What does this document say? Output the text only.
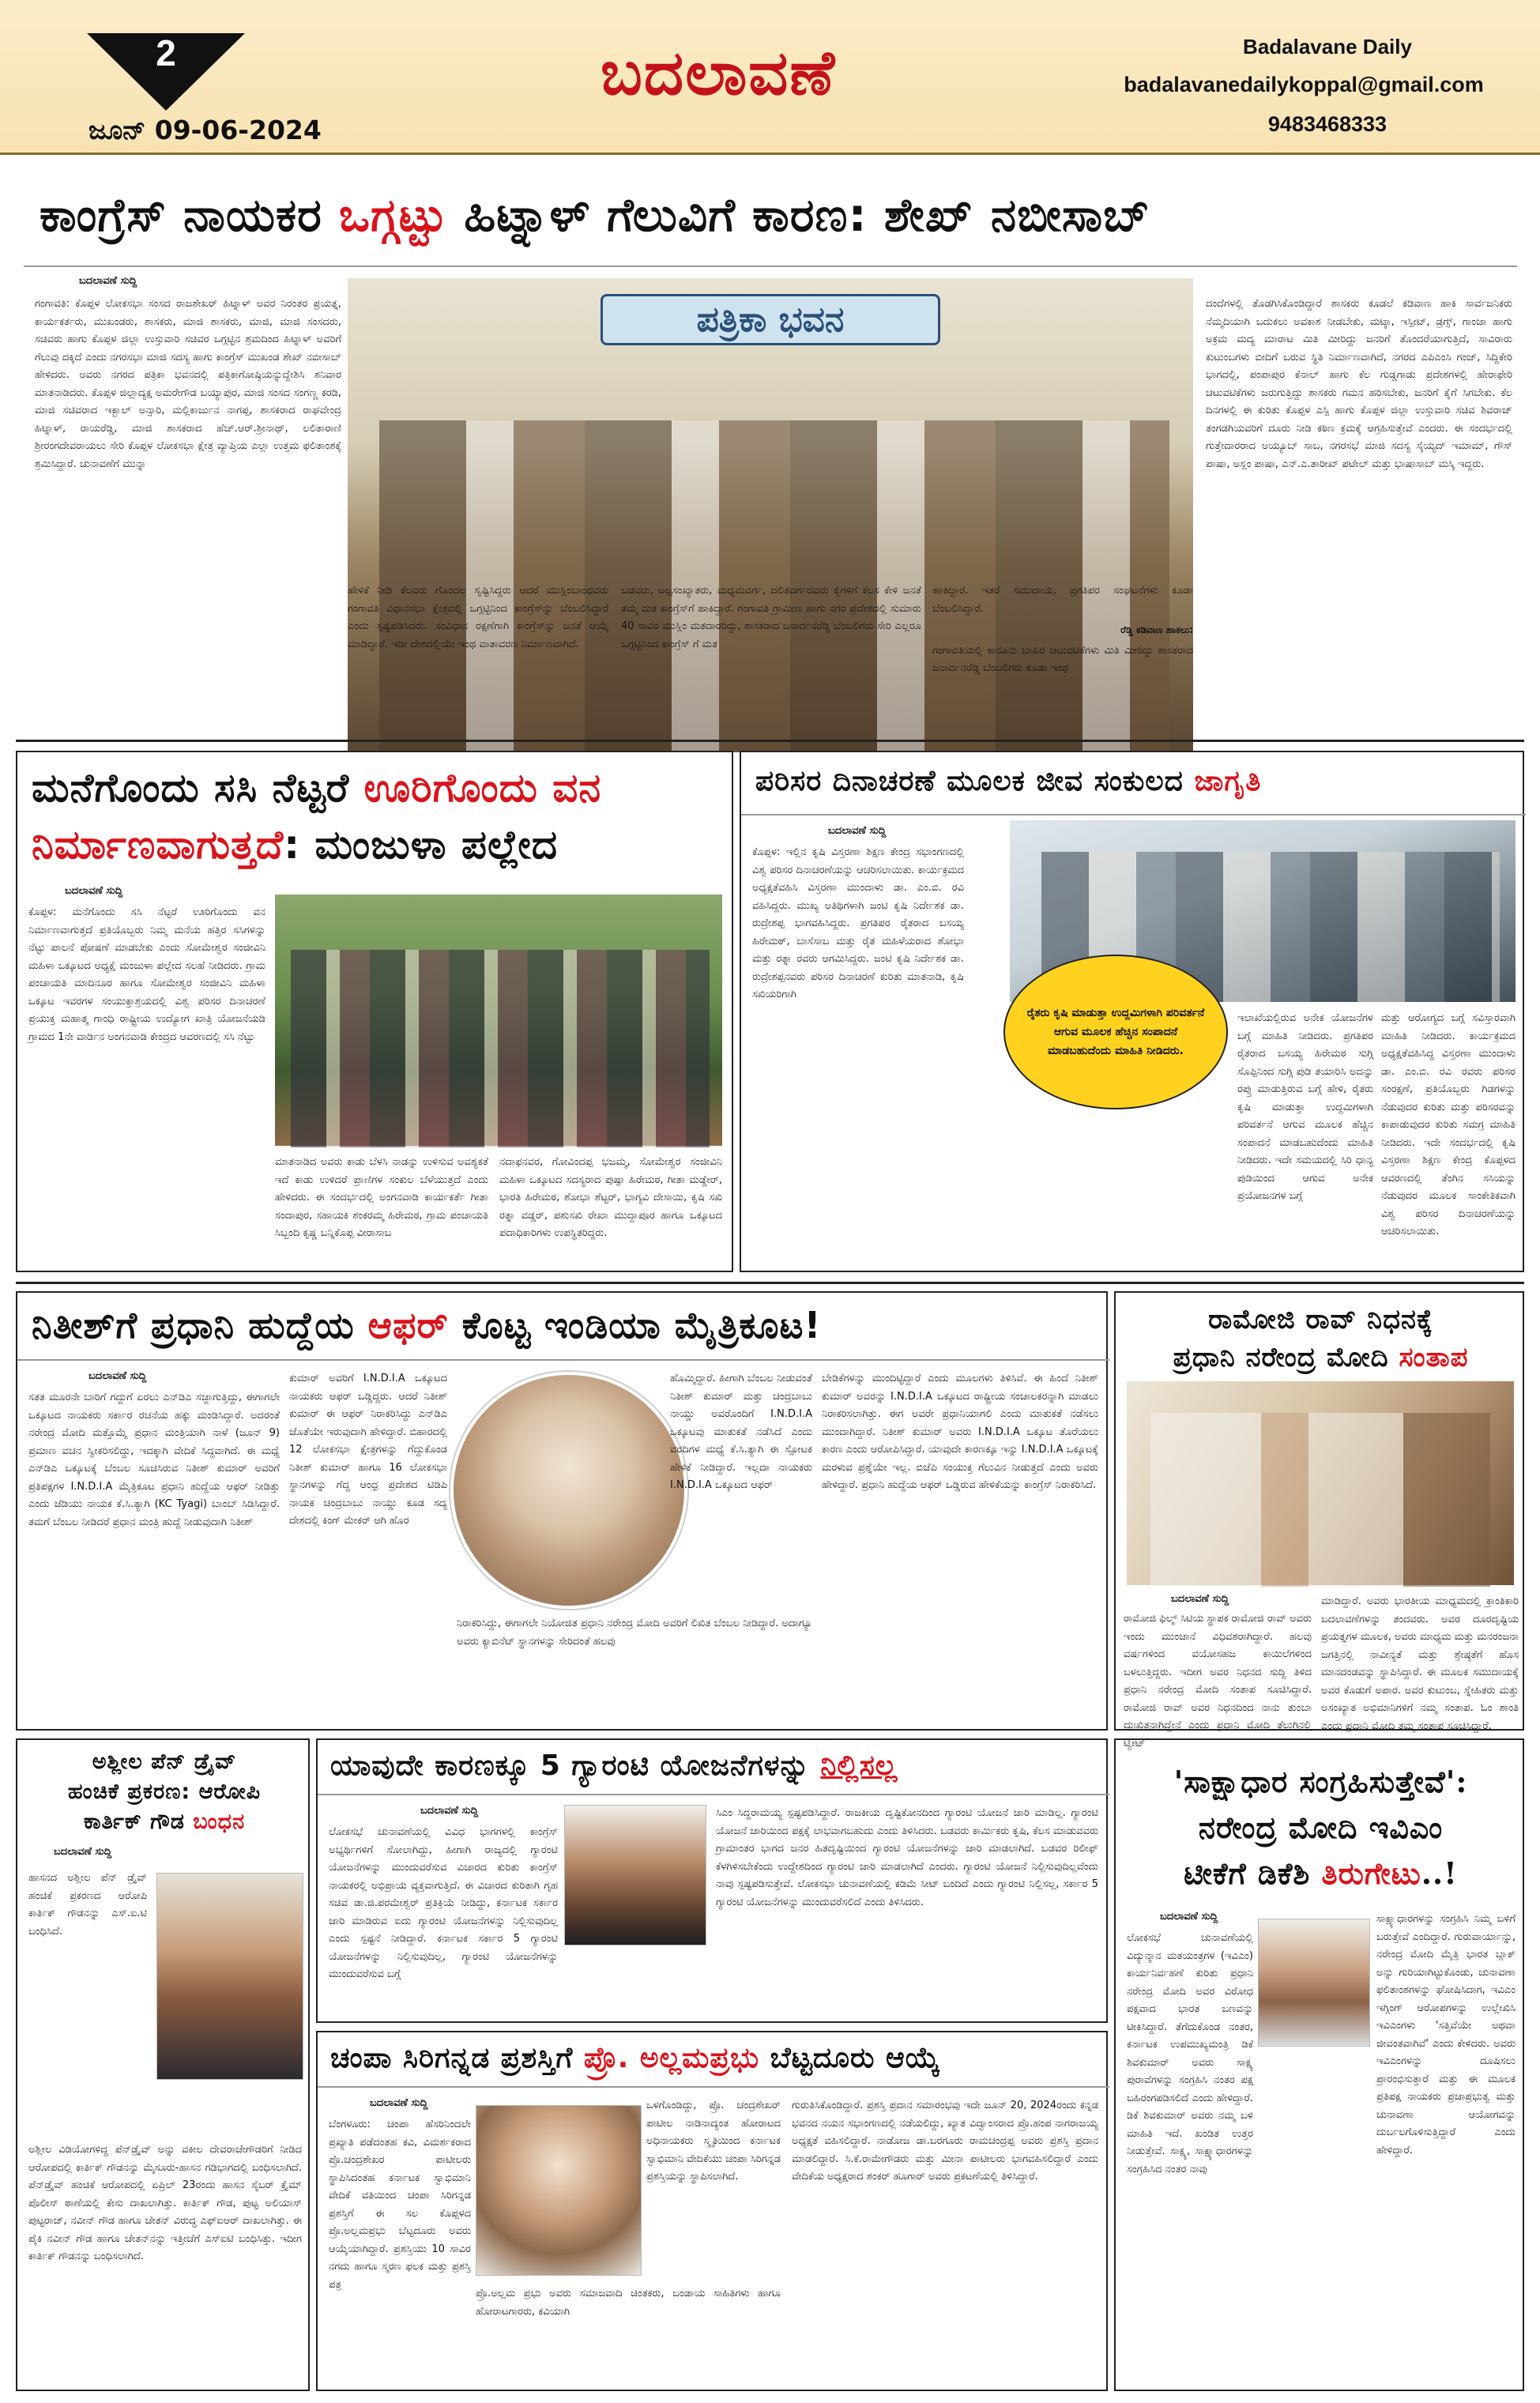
2
ಜೂನ್ 09-06-2024
ಬದಲಾವಣೆ	Badalavane Daily
badalavanedailykoppal@gmail.com
9483468333
ಕಾಂಗ್ರೆಸ್ ನಾಯಕರ ಒಗ್ಗಟ್ಟು ಹಿಟ್ನಾಳ್ ಗೆಲುವಿಗೆ ಕಾರಣ: ಶೇಖ್ ನಬೀಸಾಬ್
ಬದಲಾವಣೆ ಸುದ್ದಿ
ಗಂಗಾವತಿ: ಕೊಪ್ಪಳ ಲೋಕಸಭಾ ಸಂಸದ ರಾಜಶೇಖರ್ ಹಿಟ್ನಾಳ್ ಅವರ ನಿರಂತರ ಪ್ರಯತ್ನ, ಕಾರ್ಯಕರ್ತರು, ಮುಖಂಡರು, ಶಾಸಕರು, ಮಾಜಿ ಶಾಸಕರು, ಮಾಜಿ, ಮಾಜಿ ಸಂಸದರು, ಸಚಿವರು ಹಾಗು ಕೊಪ್ಪಳ ಜಿಲ್ಲಾ ಉಸ್ತುವಾರಿ ಸಚಿವರ ಒಗ್ಗಟ್ಟಿನ ಶ್ರಮದಿಂದ ಹಿಟ್ನಾಳ್ ಅವರಿಗೆ ಗೆಲುವು ದಕ್ಕಿದೆ ಎಂದು ನಗರಸಭಾ ಮಾಜಿ ಸದಸ್ಯ ಹಾಗು ಕಾಂಗ್ರೆಸ್ ಮುಖಂಡ ಶೇಖ್ ನಬೀಸಾಬ್ ಹೇಳಿದರು. ಅವರು ನಗರದ ಪತ್ರಿಕಾ ಭವನದಲ್ಲಿ ಪತ್ರಿಕಾಗೋಷ್ಠಿಯನ್ನುದ್ದೇಶಿಸಿ ಶನಿವಾರ ಮಾತನಾಡಿದರು. ಕೊಪ್ಪಳ ಜಿಲ್ಲಾದ್ಯಕ್ಷ ಅಮರೇಗೌಡ ಬಯ್ಯಾಪುರ, ಮಾಜಿ ಸಂಸದ ಸಂಗಣ್ಣ ಕರಡಿ, ಮಾಜಿ ಸಚಿವರಾದ ಇಕ್ಬಾಲ್ ಅನ್ಸಾರಿ, ಮಲ್ಲಿಕಾರ್ಜುನ ನಾಗಪ್ಪ, ಶಾಸಕರಾದ ರಾಘವೇಂದ್ರ ಹಿಟ್ನಾಳ್, ರಾಯರೆಡ್ಡಿ, ಮಾಜಿ ಶಾಸಕರಾದ ಹೆಚ್.ಆರ್.ಶ್ರೀನಾಥ್, ಲಲಿತಾರಾಣಿ ಶ್ರೀರಂಗದೇವರಾಯಲು ಸೇರಿ ಕೊಪ್ಪಳ ಲೋಕಸಭಾ ಕ್ಷೇತ್ರ ವ್ಯಾಪ್ತಿಯ ಎಲ್ಲಾ ಉತ್ತಮ ಫಲಿತಾಂಶಕ್ಕೆ ಶ್ರಮಿಸಿದ್ದಾರೆ. ಚುನಾವಣೆಗೆ ಮುನ್ನಾ
ಪತ್ರಿಕಾ ಭವನ	ದಂದೆಗಳಲ್ಲಿ ತೊಡಗಿಸಿಕೊಂಡಿದ್ದಾರೆ ಶಾಸಕರು ಕೂಡಲೆ ಕಡಿವಾಣ ಹಾಕಿ ಸಾರ್ವಜನಿಕರು ನೆಮ್ಮದಿಯಾಗಿ ಬದುಕಲು ಅವಕಾಶ ನೀಡಬೇಕು, ಮಟ್ಕಾ, ಇಸ್ಪೀಟ್, ಡ್ರಗ್ಸ್, ಗಾಂಜಾ ಹಾಗು ಅಕ್ರಮ ಮದ್ಯ ಮಾರಾಟ ಮಿತಿ ಮೀರಿದ್ದು ಜನರಿಗೆ ತೊಂದರೆಯಾಗುತ್ತಿದೆ, ಸಾವಿರಾರು ಕುಟುಂಬಗಳು ಬೀದಿಗೆ ಬರುವ ಸ್ಥಿತಿ ನಿರ್ಮಾಣವಾಗಿದೆ, ನಗರದ ಎಪಿಎಂಸಿ ಗಂಜ್, ಸಿದ್ದಿಕೇರಿ ಭಾಗದಲ್ಲಿ, ಪಂಪಾಪುರ ಕೆನಾಲ್ ಹಾಗು ಕೆಲ ಗುಡ್ಡಗಾಡು ಪ್ರದೇಶಗಳಲ್ಲಿ ಹೇರಾಫೇರಿ ಚಟುವಟಿಕೆಗಳು ಜರುಗುತ್ತಿದ್ದು ಶಾಸಕರು ಗಮನ ಹರಿಸಬೇಕು, ಜನರಿಗೆ ಕೈಗೆ ಸಿಗಬೇಕು. ಕೆಲ ದಿನಗಳಲ್ಲಿ ಈ ಕುರಿತು ಕೊಪ್ಪಳ ಎಸ್ಪಿ ಹಾಗು ಕೊಪ್ಪಳ ಜಿಲ್ಲಾ ಉಸ್ತುವಾರಿ ಸಚಿವ ಶಿವರಾಜ್ ತಂಗಡಗಿಯವರಿಗೆ ದೂರು ನೀಡಿ ಕಠಿಣ ಕ್ರಮಕ್ಕೆ ಆಗ್ರಹಿಸುತ್ತೇವೆ ಎಂದರು. ಈ ಸಂದರ್ಭದಲ್ಲಿ ಗುತ್ತೇದಾರರಾದ ಅಯ್ಯೂಬ್ ಸಾಬ, ನಗರಸಭೆ ಮಾಜಿ ಸದಸ್ಯ ಸೈಯ್ಯದ್ ಇಮಾಮ್, ಗೌಸ್ ಪಾಷಾ, ಅಸ್ಲಂ ಪಾಷಾ, ಎನ್.ಎ.ತಾರೀಖ್ ಪಟೇಲ್ ಮತ್ತು ಭಾಷಾಸಾಬ್ ಮಸ್ಕಿ ಇದ್ದರು.
ಹೇಳಿಕೆ ನೀಡಿ ಕೆಲವರು ಗೊಂದಲ ಸೃಷ್ಟಿಸಿದ್ದರು ಆದರೆ ಮುಸ್ಲಿಂಬಾಂಧವರು ಗಂಗಾವತಿ ವಿಧಾನಸಭಾ ಕ್ಷೇತ್ರದಲ್ಲಿ ಒಗ್ಗಟ್ಟಿನಿಂದ ಕಾಂಗ್ರೆಸ್‌ನ್ನು ಬೆಂಬಲಿಸಿದ್ದಾರೆ ಎಂದು ಸ್ಪಷ್ಟಪಡಿಸಿದರು. ಸಂವಿಧಾನ ರಕ್ಷಣೆಗಾಗಿ ಕಾಂಗ್ರೆಸ್‌ನ್ನು ಜನತೆ ಆಯ್ಕೆ ಮಾಡಿದ್ದಾರೆ. ಇಡೀ ದೇಶದಲ್ಲಿಯೇ ಇಂಥ ವಾತಾವರಣ ನಿರ್ಮಾಣವಾಗಿದೆ.
ಬಡವರು, ಅಲ್ಪಸಂಖ್ಯಾತರು, ಮಧ್ಯಮವರ್ಗ, ದಲಿತವರ್ಗದವರು ಕೈಗಳಿಗೆ ಕೆಲಸ ಕೇಳಿ ಜನತೆ ತಮ್ಮ ಮತ ಕಾಂಗ್ರೆಸ್‌ಗೆ ಹಾಕಿದ್ದಾರೆ. ಗಂಗಾವತಿ ಗ್ರಾಮೀಣ ಹಾಗು ನಗರ ಪ್ರದೇಶದಲ್ಲಿ ಸುಮಾರು 40 ಸಾವಿರ ಮುಸ್ಲಿಂ ಮತದಾರರಿದ್ದು, ಶಾಸಕರಾದ ಜನಾರ್ದನರೆಡ್ಡಿ ಬೆಂಬಲಿಗರು ಸೇರಿ ಎಲ್ಲರೂ ಒಗ್ಗಟ್ಟಿನಿಂದ ಕಾಂಗ್ರೆಸ್ ಗೆ ಮತ
ಹಾಕಿದ್ದಾರೆ. ಇತರೆ ಸಮುದಾಯ, ಪ್ರಗತಿಪರ ಸಂಘಟನೆಗಳು ಕೂಡಾ ಬೆಂಬಲಿಸಿದ್ದಾರೆ.
ರೆಡ್ಡಿ ಕಡಿವಾಣ ಹಾಕಲು:
ಗಂಗಾವತಿಯಲ್ಲಿ ಕಾನೂನು ಬಾಹಿರ ಚಟುವಟಿಕೆಗಳು ಮಿತಿ ಮೀರಿದ್ದು ಶಾಸಕರಾದ ಜನಾರ್ದನರೆಡ್ಡಿ ಬೆಂಬಲಿಗರು ಕೂಡಾ ಇಂಥ
ಮನೆಗೊಂದು ಸಸಿ ನೆಟ್ಟರೆ ಊರಿಗೊಂದು ವನ
ನಿರ್ಮಾಣವಾಗುತ್ತದೆ: ಮಂಜುಳಾ ಪಲ್ಲೇದ
ಬದಲಾವಣೆ ಸುದ್ದಿ
ಕೊಪ್ಪಳ: ಮನೆಗೊಂದು ಸಸಿ ನೆಟ್ಟರೆ ಊರಿಗೊಂದು ವನ ನಿರ್ಮಾಣವಾಗುತ್ತದೆ ಪ್ರತಿಯೊಬ್ಬರು ನಿಮ್ಮ ಮನೆಯ ಹತ್ತಿರ ಸಸಿಗಳನ್ನು ನೆಟ್ಟು ಪಾಲನೆ ಪೋಷಣೆ ಮಾಡಬೇಕು ಎಂದು ಸೋಮೇಶ್ವರ ಸಂಜೀವಿನಿ ಮಹಿಳಾ ಒಕ್ಕೂಟದ ಅಧ್ಯಕ್ಷೆ ಮಂಜುಳಾ ಪಲ್ಲೇದ ಸಲಹೆ ನೀಡಿದರು. ಗ್ರಾಮ ಪಂಚಾಯತಿ ಮಾದಿನೂರ ಹಾಗೂ ಸೋಮೇಶ್ವರ ಸಂಜೀವಿನಿ ಮಹಿಳಾ ಒಕ್ಕೂಟ ಇವರಗಳ ಸಂಯುಕ್ತಾಶ್ರಯದಲ್ಲಿ ವಿಶ್ವ ಪರಿಸರ ದಿನಾಚರಣೆ ಪ್ರಯುಕ್ತ ಮಹಾತ್ಮ ಗಾಂಧಿ ರಾಷ್ಟ್ರೀಯ ಉದ್ಯೋಗ ಖಾತ್ರಿ ಯೋಜನೆಯಡಿ ಗ್ರಾಮದ 1ನೇ ವಾರ್ಡಿನ ಅಂಗನವಾಡಿ ಕೇಂದ್ರದ ಆವರಣದಲ್ಲಿ ಸಸಿ ನೆಟ್ಟು
ಮಾತನಾಡಿದ ಅವರು ಕಾಡು ಬೆಳಸಿ ನಾಡನ್ನು ಉಳಿಸುವ ಅವಶ್ಯಕತೆ ಇದೆ ಕಾಡು ಉಳಿದರೆ ಪ್ರಾಣಿಗಳ ಸಂಕುಲ ಬೆಳೆಯುತ್ತದೆ ಎಂದು ಹೇಳಿದರು. ಈ ಸಂದರ್ಭದಲ್ಲಿ ಅಂಗನವಾಡಿ ಕಾರ್ಯಕರ್ತೆ ಗೀತಾ ಸಂದಾಪುರ, ಸಹಾಯಕಿ ಶಂಕರಮ್ಮ ಹಿರೇಮಠ, ಗ್ರಾಮ ಪಂಚಾಯತಿ ಸಿಬ್ಬಂದಿ ಕೃಷ್ಣ ಬನ್ನಿಕೊಪ್ಪ ವೀರಾಸಾಬ
ನದಾಫನವರ, ಗೋವಿಂದಪ್ಪ ಭಜಮ್ಮ, ಸೋಮೇಶ್ವರ ಸಂಜೀವಿನಿ ಮಹಿಳಾ ಒಕ್ಕೂಟದ ಸದಸ್ಯರಾದ ಪುಷ್ಪಾ ಹಿರೇಮಠ, ಗೀತಾ ಮಡ್ಡೇರ್, ಭಾರತಿ ಹಿರೇಮಠ, ಶೋಭಾ ಶೆಟ್ಟರ್, ಭಾಗ್ಯವಿ ದೇಸಾಯಿ, ಕೃಷಿ ಸಖಿ ರತ್ನಾ ವಡ್ಡರ್, ಪಶುಸಖಿ ರೇಖಾ ಮುದ್ದಾಪೂರ ಹಾಗೂ ಒಕ್ಕೂಟದ ಪದಾಧಿಕಾರಿಗಳು ಉಪಸ್ಥಿತರಿದ್ದರು.
ಪರಿಸರ ದಿನಾಚರಣೆ ಮೂಲಕ ಜೀವ ಸಂಕುಲದ ಜಾಗೃತಿ
ಬದಲಾವಣೆ ಸುದ್ದಿ
ಕೊಪ್ಪಳ: ಇಲ್ಲಿನ ಕೃಷಿ ವಿಸ್ತರಣಾ ಶಿಕ್ಷಣ ಕೇಂದ್ರ ಸಭಾಂಗಣದಲ್ಲಿ ವಿಶ್ವ ಪರಿಸರ ದಿನಾಚರಣೆಯನ್ನು ಆಚರಿಸಲಾಯಿತು. ಕಾರ್ಯಕ್ರಮದ ಅಧ್ಯಕ್ಷತೆವಹಿಸಿ ವಿಸ್ತರಣಾ ಮುಂದಾಳು ಡಾ. ಎಂ.ಬಿ. ರವಿ ವಹಿಸಿದ್ದರು. ಮುಖ್ಯ ಅತಿಥಿಗಳಾಗಿ ಜಂಟಿ ಕೃಷಿ ನಿರ್ದೇಶಕ ಡಾ. ರುದ್ರೇಶಪ್ಪ ಭಾಗವಹಿಸಿದ್ದರು. ಪ್ರಗತಿಪರ ರೈತರಾದ ಬಸಯ್ಯ ಹಿರೇಮಠ್, ಬಾಸೆಸಾಬ ಮತ್ತು ರೈತ ಮಹಿಳೆಯರಾದ ಶೋಭಾ ಮತ್ತು ರತ್ನಾ ರವರು ಆಗಮಿಸಿದ್ದರು. ಜಂಟಿ ಕೃಷಿ ನಿರ್ದೇಶಕ ಡಾ. ರುದ್ರೇಶಪ್ಪನವರು ಪರಿಸರ ದಿನಾಚರಣೆ ಕುರಿತು ಮಾತನಾಡಿ, ಕೃಷಿ ಸಖಿಯರಿಗಾಗಿ
ರೈತರು ಕೃಷಿ ಮಾಡುತ್ತಾ ಉದ್ದಮಿಗಳಾಗಿ ಪರಿವರ್ತನೆ ಆಗುವ ಮೂಲಕ ಹೆಚ್ಚಿನ ಸಂಪಾದನೆ ಮಾಡಬಹುದೆಂದು ಮಾಹಿತಿ ನೀಡಿದರು.
ಇಲಾಖೆಯಲ್ಲಿರುವ ಅನೇಕ ಯೋಜನೆಗಳ ಬಗ್ಗೆ ಮಾಹಿತಿ ನೀಡಿದರು. ಪ್ರಗತಿಪರ ರೈತರಾದ ಬಸಯ್ಯ ಹಿರೇಮಠ ಸುಗ್ಗಿ ಸೊಪ್ಪಿನಿಂದ ಸುಗ್ಗಿ ಪುಡಿ ತಯಾರಿಸಿ ಅದನ್ನು ರಪ್ತು ಮಾಡುತ್ತಿರುವ ಬಗ್ಗೆ ಹೇಳಿ, ರೈತರು ಕೃಷಿ ಮಾಡುತ್ತಾ ಉದ್ದಮಿಗಳಾಗಿ ಪರಿವರ್ತನೆ ಆಗುವ ಮೂಲಕ ಹೆಚ್ಚಿನ ಸಂಪಾದನೆ ಮಾಡಬಹುದೆಂದು ಮಾಹಿತಿ ನೀಡಿದರು. ಇದೇ ಸಮಯದಲ್ಲಿ ಸಿರಿ ಧಾನ್ಯ ಪುಡಿಯಿಂದ ಆಗುವ ಅನೇಕ ಪ್ರಯೋಜನಗಳ ಬಗ್ಗೆ
ಮತ್ತು ಆರೋಗ್ಯದ ಬಗ್ಗೆ ಸವಿಸ್ತಾರವಾಗಿ ಮಾಹಿತಿ ನೀಡಿದರು. ಕಾರ್ಯಕ್ರಮದ ಅಧ್ಯಕ್ಷತೆವಹಿಸಿದ್ದ ವಿಸ್ತರಣಾ ಮುಂದಾಳು ಡಾ. ಎಂ.ಬಿ. ರವಿ ರವರು ಪರಿಸರ ಸಂರಕ್ಷಣೆ, ಪ್ರತಿಯೊಬ್ಬರು ಗಿಡಗಳನ್ನು ನೆಡುವುದರ ಕುರಿತು ಮತ್ತು ಪರಿಸರವನ್ನು ಕಾಪಾಡುವುದರ ಕುರಿತು ಸಮಗ್ರ ಮಾಹಿತಿ ನೀಡಿದರು. ಇದೇ ಸಂದರ್ಭದಲ್ಲಿ ಕೃಷಿ ವಿಸ್ತರಣಾ ಶಿಕ್ಷಣ ಕೇಂದ್ರ ಕೊಪ್ಪಳದ ಆವರಣದಲ್ಲಿ ತೆಂಗಿನ ಸಸಿಯನ್ನು ನೆಡುವುದರ ಮೂಲಕ ಸಾಂಕೇತಿಕವಾಗಿ ವಿಶ್ವ ಪರಿಸರ ದಿನಾಚರಣೆಯನ್ನು ಆಚರಿಸಲಾಯಿತು.
ನಿತೀಶ್‌ಗೆ ಪ್ರಧಾನಿ ಹುದ್ದೆಯ ಆಫರ್ ಕೊಟ್ಟ ಇಂಡಿಯಾ ಮೈತ್ರಿಕೂಟ!
ಬದಲಾವಣೆ ಸುದ್ದಿ
ಸತತ ಮೂರನೇ ಬಾರಿಗೆ ಗದ್ದುಗೆ ಏರಲು ಎನ್‌ಡಿಎ ಸಜ್ಜಾಗುತ್ತಿದ್ದು, ಈಗಾಗಲೇ ಒಕ್ಕೂಟದ ನಾಯಕರು ಸರ್ಕಾರ ರಚನೆಯ ಹಕ್ಕು ಮಂಡಿಸಿದ್ದಾರೆ. ಅದರಂತೆ ನರೇಂದ್ರ ಮೋದಿ ಮತ್ತೊಮ್ಮೆ ಪ್ರಧಾನ ಮಂತ್ರಿಯಾಗಿ ನಾಳೆ (ಜೂನ್ 9) ಪ್ರಮಾಣ ವಚನ ಸ್ವೀಕರಿಸಲಿದ್ದು, ಇದಕ್ಕಾಗಿ ವೇದಿಕೆ ಸಿದ್ಧವಾಗಿದೆ. ಈ ಮಧ್ಯೆ ಎನ್‌ಡಿಎ ಒಕ್ಕೂಟಕ್ಕೆ ಬೆಂಬಲ ಸೂಚಿಸಿರುವ ನಿತೀಶ್ ಕುಮಾರ್ ಅವರಿಗೆ ಪ್ರತಿಪಕ್ಷಗಳ I.N.D.I.A ಮೈತ್ರಿಕೂಟ ಪ್ರಧಾನಿ ಹುದ್ದೆಯ ಆಫರ್ ನೀಡಿತ್ತು ಎಂದು ಜೆಡಿಯು ನಾಯಕ ಕೆ.ಸಿ.ತ್ಯಾಗಿ (KC Tyagi) ಬಾಂಬ್ ಸಿಡಿಸಿದ್ದಾರೆ. ತಮಗೆ ಬೆಂಬಲ ನೀಡಿದರೆ ಪ್ರಧಾನ ಮಂತ್ರಿ ಹುದ್ದೆ ನೀಡುವುದಾಗಿ ನಿತೀಶ್
ಕುಮಾರ್ ಅವರಿಗೆ I.N.D.I.A ಒಕ್ಕೂಟದ ನಾಯಕರು ಆಫರ್ ಒಡ್ಡಿದ್ದರು. ಆದರೆ ನಿತೀಶ್ ಕುಮಾರ್ ಈ ಆಫರ್ ನಿರಾಕರಿಸಿದ್ದು ಎನ್‌ಡಿಎ ಜೊತೆಯೇ ಇರುವುದಾಗಿ ಹೇಳಿದ್ದಾರೆ. ಬಿಹಾರದಲ್ಲಿ 12 ಲೋಕಸಭಾ ಕ್ಷೇತ್ರಗಳನ್ನು ಗೆದ್ದುಕೊಂಡ ನಿತೀಶ್ ಕುಮಾರ್ ಹಾಗೂ 16 ಲೋಕಸಭಾ ಸ್ಥಾನಗಳನ್ನು ಗೆದ್ದ ಆಂಧ್ರ ಪ್ರದೇಶದ ಟಿಡಿಪಿ ನಾಯಕ ಚಂದ್ರಬಾಬು ನಾಯ್ಡು ಕೂಡ ಸದ್ಯ ದೇಶದಲ್ಲಿ ಕಿಂಗ್ ಮೇಕರ್ ಆಗಿ ಹೊರ
ಹೊಮ್ಮಿದ್ದಾರೆ. ಹೀಗಾಗಿ ಬೆಂಬಲ ನೀಡುವಂತೆ ನಿತೀಶ್ ಕುಮಾರ್ ಮತ್ತು ಚಂದ್ರಬಾಬು ನಾಯ್ಡು ಅವರೊಂದಿಗೆ I.N.D.I.A ಒಕ್ಕೂಟವು ಮಾತುಕತೆ ನಡೆಸಿದೆ ಎಂದು ವರದಿಗಳ ಮಧ್ಯೆ ಕೆ.ಸಿ.ತ್ಯಾಗಿ ಈ ಸ್ಪೋಟಕ ಹೇಳಿಕೆ ನೀಡಿದ್ದಾರೆ. ಇಲ್ಲದಾ ನಾಯಕರು I.N.D.I.A ಒಕ್ಕೂಟದ ಆಫರ್
ನಿರಾಕರಿಸಿದ್ದು, ಈಗಾಗಲೇ ನಿಯೋಜಿತ ಪ್ರಧಾನಿ ನರೇಂದ್ರ ಮೋದಿ ಅವರಿಗೆ ಲಿಖಿತ ಬೆಂಬಲ ನೀಡಿದ್ದಾರೆ. ಅದಾಗ್ಯೂ ಅವರು ಕ್ಯಾಬಿನೆಟ್ ಸ್ಥಾನಗಳನ್ನು ಸೇರಿದಂತೆ ಹಲವು
ಬೇಡಿಕೆಗಳನ್ನು ಮುಂದಿಟ್ಟಿದ್ದಾರೆ ಎಂದು ಮೂಲಗಳು ತಿಳಿಸಿವೆ. ಈ ಹಿಂದೆ ನಿತೀಶ್ ಕುಮಾರ್ ಅವರನ್ನು I.N.D.I.A ಒಕ್ಕೂಟದ ರಾಷ್ಟ್ರೀಯ ಸಂಚಾಲಕರನ್ನಾಗಿ ಮಾಡಲು ನಿರಾಕರಿಸಲಾಗಿತ್ತು. ಈಗ ಅವರೇ ಪ್ರಧಾನಿಯಾಗಲಿ ಎಂದು ಮಾತುಕತೆ ನಡೆಸಲು ಮುಂದಾಗಿದ್ದಾರೆ. ನಿತೀಶ್ ಕುಮಾರ್ ಅವರು I.N.D.I.A ಒಕ್ಕೂಟ ತೊರೆಯಲು ಕಾರಣ ಎಂದು ಆರೋಪಿಸಿದ್ದಾರೆ. ಯಾವುದೇ ಕಾರಣಕ್ಕೂ ಇನ್ನು I.N.D.I.A ಒಕ್ಕೂಟಕ್ಕೆ ಮರಳುವ ಪ್ರಶ್ನೆಯೇ ಇಲ್ಲ. ಬಿಜೆಪಿ ಸಂಯುಕ್ತ ಗೆಲುವಿನ ನೀಡುತ್ತದೆ ಎಂದು ಅವರು ಹೇಳಿದ್ದಾರೆ. ಪ್ರಧಾನಿ ಹುದ್ದೆಯ ಆಫರ್ ಒಡ್ಡಿರುವ ಹೇಳಿಕೆಯನ್ನು ಕಾಂಗ್ರೆಸ್ ನಿರಾಕರಿಸಿದೆ.
ರಾಮೋಜಿ ರಾವ್ ನಿಧನಕ್ಕೆ
ಪ್ರಧಾನಿ ನರೇಂದ್ರ ಮೋದಿ ಸಂತಾಪ
ಬದಲಾವಣೆ ಸುದ್ದಿ
ರಾಮೋಜಿ ಫಿಲ್ಮ್ ಸಿಟಿಯ ಸ್ಥಾಪಕ ರಾಮೋಜಿ ರಾವ್ ಅವರು ಇಂದು ಮುಂಜಾನೆ ವಿಧಿವಶರಾಗಿದ್ದಾರೆ. ಹಲವು ವರ್ಷಗಳಿಂದ ವಯೋಸಹಜ ಕಾಯಿಲೆಗಳಿಂದ ಬಳಲುತ್ತಿದ್ದರು. ಇದೀಗ ಅವರ ನಿಧನದ ಸುದ್ದಿ ತಿಳಿದ ಪ್ರಧಾನಿ ನರೇಂದ್ರ ಮೋದಿ ಸಂತಾಪ ಸೂಚಿಸಿದ್ದಾರೆ. ರಾಮೋಜಿ ರಾವ್ ಅವರ ನಿಧನದಿಂದ ನಾನು ತುಂಬಾ ದುಃಖಿತನಾಗಿದ್ದೇನೆ ಎಂದು ಪ್ರಧಾನಿ ಮೋದಿ ತೆಲುಗಿನಲ್ಲಿ ಟ್ವೀಟ್
ಮಾಡಿದ್ದಾರೆ. ಅವರು ಭಾರತೀಯ ಮಾಧ್ಯಮದಲ್ಲಿ ಕ್ರಾಂತಿಕಾರಿ ಬದಲಾವಣೆಗಳನ್ನು ತಂದವರು. ಅವರ ದೂರದೃಷ್ಟಿಯ ಪ್ರಯತ್ನಗಳ ಮೂಲಕ, ಅವರು ಮಾಧ್ಯಮ ಮತ್ತು ಮನರಂಜನಾ ಜಗತ್ತಿನಲ್ಲಿ ನಾವೀನ್ಯತೆ ಮತ್ತು ಶ್ರೇಷ್ಠತೆಗೆ ಹೊಸ ಮಾನದಂಡವನ್ನು ಸ್ಥಾಪಿಸಿದ್ದಾರೆ. ಈ ಮೂಲಕ ಸಮುದಾಯಕ್ಕೆ ಅವರ ಕೊಡುಗೆ ಅಪಾರ. ಅವರ ಕುಟುಂಬ, ಸ್ನೇಹಿತರು ಮತ್ತು ಅಸಂಖ್ಯಾತ ಅಭಿಮಾನಿಗಳಿಗೆ ನಮ್ಮ ಸಂತಾಪ. ಓಂ ಶಾಂತಿ ಎಂದು ಪ್ರಧಾನಿ ಮೋದಿ ತಮ್ಮ ಸಂತಾಪ ಸೂಚಿಸಿದ್ದಾರೆ.
ಅಶ್ಲೀಲ ಪೆನ್ ಡ್ರೈವ್
ಹಂಚಿಕೆ ಪ್ರಕರಣ: ಆರೋಪಿ
ಕಾರ್ತಿಕ್ ಗೌಡ ಬಂಧನ
ಬದಲಾವಣೆ ಸುದ್ದಿ
ಹಾಸನದ ಅಶ್ಲೀಲ ಪೆನ್ ಡ್ರೈವ್ ಹಂಚಿಕೆ ಪ್ರಕರಣದ ಆರೋಪಿ ಕಾರ್ತಿಕ್ ಗೌಡನನ್ನು ಎಸ್.ಐ.ಟಿ ಬಂಧಿಸಿದೆ.
ಅಶ್ಲೀಲ ವಿಡಿಯೋಗಳಿದ್ದ ಪೆನ್‌ಡ್ರೈವ್ ಅನ್ನು ವಕೀಲ ದೇವರಾಜೇಗೌಡರಿಗೆ ನೀಡಿದ ಆರೋಪದಲ್ಲಿ ಕಾರ್ತಿಕ್ ಗೌಡನನ್ನು ಮೈಸೂರು-ಹಾಸನ ಗಡಿಭಾಗದಲ್ಲಿ ಬಂಧಿಸಲಾಗಿದೆ. ಪೆನ್‌ಡ್ರೈವ್ ಹಂಚಿಕೆ ಆರೋಪದಲ್ಲಿ ಏಪ್ರಿಲ್ 23ರಂದು ಹಾಸನ ಸೈಬರ್ ಕ್ರೈಮ್ ಪೊಲೀಸ್ ಠಾಣೆಯಲ್ಲಿ ಕೇಸು ದಾಖಲಾಗಿತ್ತು. ಕಾರ್ತಿಕ್ ಗೌಡ, ಪುಟ್ಟ ಅಲಿಯಾಸ್ ಪುಟ್ಟರಾಜ್, ನವೀನ್ ಗೌಡ ಹಾಗೂ ಚೇತನ್ ವಿರುದ್ಧ ಎಫ್‌ಐಆರ್ ದಾಖಲಾಗಿತ್ತು. ಈ ಪೈಕಿ ನವೀನ್ ಗೌಡ ಹಾಗೂ ಚೇತನ್‌ನನ್ನು ಇತ್ತೀಚೆಗೆ ಎಸ್‌ಐಟಿ ಬಂಧಿಸಿತ್ತು. ಇದೀಗ ಕಾರ್ತಿಕ್ ಗೌಡನನ್ನು ಬಂಧಿಸಲಾಗಿದೆ.
ಯಾವುದೇ ಕಾರಣಕ್ಕೂ 5 ಗ್ಯಾರಂಟಿ ಯೋಜನೆಗಳನ್ನು ನಿಲ್ಲಿಸಲ್ಲ
ಬದಲಾವಣೆ ಸುದ್ದಿ
ಲೋಕಸಭೆ ಚುನಾವಣೆಯಲ್ಲಿ ವಿವಿಧ ಭಾಗಗಳಲ್ಲಿ ಕಾಂಗ್ರೆಸ್ ಅಭ್ಯರ್ಥಿಗಳಿಗೆ ಸೋಲಾಗಿದ್ದು, ಹೀಗಾಗಿ ರಾಜ್ಯದಲ್ಲಿ ಗ್ಯಾರಂಟಿ ಯೋಜನೆಗಳನ್ನು ಮುಂದುವರೆಸುವ ವಿಚಾರದ ಕುರಿತು ಕಾಂಗ್ರೆಸ್ ನಾಯಕರಲ್ಲಿ ಅಭಿಪ್ರಾಯ ವ್ಯಕ್ತವಾಗುತ್ತಿದೆ. ಈ ವಿಚಾರದ ಕುರಿತಾಗಿ ಗೃಹ ಸಚಿವ ಡಾ.ಜಿ.ಪರಮೇಶ್ವರ್ ಪ್ರತಿಕ್ರಿಯೆ ನೀಡಿದ್ದು, ಕರ್ನಾಟಕ ಸರ್ಕಾರ ಜಾರಿ ಮಾಡಿರುವ ಐದು ಗ್ಯಾರಂಟಿ ಯೋಜನೆಗಳನ್ನು ನಿಲ್ಲಿಸುವುದಿಲ್ಲ ಎಂದು ಸ್ಪಷ್ಟನೆ ನೀಡಿದ್ದಾರೆ. ಕರ್ನಾಟಕ ಸರ್ಕಾರ 5 ಗ್ಯಾರಂಟಿ ಯೋಜನೆಗಳನ್ನು ನಿಲ್ಲಿಸುವುದಿಲ್ಲ, ಗ್ಯಾರಂಟಿ ಯೋಜನೆಗಳನ್ನು ಮುಂದುವರೆಸುವ ಬಗ್ಗೆ
ಸಿಎಂ ಸಿದ್ದರಾಮಯ್ಯ ಸ್ಪಷ್ಟಪಡಿಸಿದ್ದಾರೆ. ರಾಜಕೀಯ ದೃಷ್ಟಿಕೋನದಿಂದ ಗ್ಯಾರಂಟಿ ಯೋಜನೆ ಜಾರಿ ಮಾಡಿಲ್ಲ. ಗ್ಯಾರಂಟಿ ಯೋಜನೆ ಜಾರಿಯಿಂದ ಪಕ್ಷಕ್ಕೆ ಲಾಭವಾಗಬಹುದು ಎಂದು ತಿಳಿಸಿದರು. ಬಡವರು ಕಾರ್ಮಿಕರು ಕೃಷಿ, ಕೆಲಸ ಮಾಡುವವರು ಗ್ರಾಮಾಂತರ ಭಾಗದ ಜನರ ಹಿತದೃಷ್ಟಿಯಿಂದ ಗ್ಯಾರಂಟಿ ಯೋಜನೆಗಳನ್ನು ಜಾರಿ ಮಾಡಲಾಗಿದೆ. ಬಡವರ ರಿಲೀಫ್ ಕೆಳಗಿಳಿಸಬೇಕೆಂದು ಉದ್ದೇಶದಿಂದ ಗ್ಯಾರಂಟಿ ಜಾರಿ ಮಾಡಲಾಗಿದೆ ಎಂದರು. ಗ್ಯಾರಂಟಿ ಯೋಜನೆ ನಿಲ್ಲಿಸುವುದಿಲ್ಲವೆಂದು ನಾವು ಸ್ಪಷ್ಟಪಡಿಸುತ್ತೇವೆ. ಲೋಕಸಭಾ ಚುನಾವಣೆಯಲ್ಲಿ ಕಡಿಮೆ ಸೀಟ್ ಬಂದಿದೆ ಎಂದು ಗ್ಯಾರಂಟಿ ನಿಲ್ಲಿಸಲ್ಲ, ಸರ್ಕಾರ 5 ಗ್ಯಾರಂಟಿ ಯೋಜನೆಗಳನ್ನು ಮುಂದುವರೆಸಲಿದೆ ಎಂದು ತಿಳಿಸಿದರು.
ಚಂಪಾ ಸಿರಿಗನ್ನಡ ಪ್ರಶಸ್ತಿಗೆ ಪ್ರೊ. ಅಲ್ಲಮಪ್ರಭು ಬೆಟ್ಟದೂರು ಆಯ್ಕೆ
ಬದಲಾವಣೆ ಸುದ್ದಿ
ಬೆಂಗಳೂರು: ಚಂಪಾ ಹೆಸರಿನಿಂದಲೇ ಪ್ರಖ್ಯಾತಿ ಪಡೆದಂತಹ ಕವಿ, ವಿಮರ್ಶಕರಾದ ಪ್ರೊ.ಚಂದ್ರಶೇಖರ ಪಾಟೀಲರು ಸ್ಥಾಪಿಸಿದಂತಹ ಕರ್ನಾಟಕ ಸ್ವಾಭಿಮಾನಿ ವೇದಿಕೆ ವತಿಯಿಂದ ಚಂಪಾ ಸಿರಿಗನ್ನಡ ಪ್ರಶಸ್ತಿಗೆ ಈ ಸಲ ಕೊಪ್ಪಳದ ಪ್ರೊ.ಅಲ್ಲಮಪ್ರಭು ಬೆಟ್ಟದೂರು ಅವರು ಆಯ್ಕೆಯಾಗಿದ್ದಾರೆ. ಪ್ರಶಸ್ತಿಯು 10 ಸಾವಿರ ನಗದು ಹಾಗೂ ಸ್ಮರಣ ಫಲಕ ಮತ್ತು ಪ್ರಶಸ್ತಿ ಪತ್ರ
ಒಳಗೊಂಡಿದ್ದು, ಪ್ರೊ. ಚಂದ್ರಶೇಖರ್ ಪಾಟೀಲ ನಾಡಿನಾದ್ಯಂತ ಹೋರಾಟದ ಅಧಿನಾಯಕರು ಸ್ಮೃತಿಯಿಂದ ಕರ್ನಾಟಕ ಸ್ವಾಭಿಮಾನಿ ವೇದಿಕೆಯು ಚಂಪಾ ಸಿರಿಗನ್ನಡ ಪ್ರಶಸ್ತಿಯನ್ನು ಸ್ಥಾಪಿಸಲಾಗಿದೆ.
ಪ್ರೊ.ಅಲ್ಲಮ ಪ್ರಭು ಅವರು ಸಮಾಜವಾದಿ ಚಿಂತಕರು, ಬಂಡಾಯ ಸಾಹಿತಿಗಳು ಹಾಗೂ ಹೋರಾಟಗಾರರು, ಕವಿಯಾಗಿ
ಗುರುತಿಸಿಕೊಂಡಿದ್ದಾರೆ. ಪ್ರಶಸ್ತಿ ಪ್ರದಾನ ಸಮಾರಂಭವು ಇದೇ ಜೂನ್ 20, 2024ರಂದು ಕನ್ನಡ ಭವನದ ನಯನ ಸಭಾಂಗಣದಲ್ಲಿ ನಡೆಯಲಿದ್ದು, ಖ್ಯಾತ ವಿದ್ವಾಂಸರಾದ ಪ್ರೊ.ಹಂಪ ನಾಗರಾಜಯ್ಯ ಅಧ್ಯಕ್ಷತೆ ವಹಿಸಲಿದ್ದಾರೆ. ನಾಡೋಜ ಡಾ.ಬರಗೂರು ರಾಮಚಂದ್ರಪ್ಪ ಅವರು ಪ್ರಶಸ್ತಿ ಪ್ರದಾನ ಮಾಡಲಿದ್ದಾರೆ. ಸಿ.ಕೆ.ರಾಮೇಗೌಡರು ಮತ್ತು ಮೀನಾ ಪಾಟೀಲರು ಭಾಗವಹಿಸಲಿದ್ದಾರೆ ಎಂದು ವೇದಿಕೆಯ ಅಧ್ಯಕ್ಷರಾದ ಶಂಕರ್ ಹೂಗಾರ್ ಅವರು ಪ್ರಕಟಣೆಯಲ್ಲಿ ತಿಳಿಸಿದ್ದಾರೆ.
'ಸಾಕ್ಷಾಧಾರ ಸಂಗ್ರಹಿಸುತ್ತೇವೆ':
ನರೇಂದ್ರ ಮೋದಿ ಇವಿಎಂ
ಟೀಕೆಗೆ ಡಿಕೆಶಿ ತಿರುಗೇಟು..!
ಬದಲಾವಣೆ ಸುದ್ದಿ
ಲೋಕಸಭೆ ಚುನಾವಣೆಯಲ್ಲಿ ವಿದ್ಯುನ್ಮಾನ ಮತಯಂತ್ರಗಳ (ಇವಿಎಂ) ಕಾರ್ಯನಿರ್ವಹಣೆ ಕುರಿತು ಪ್ರಧಾನಿ ನರೇಂದ್ರ ಮೋದಿ ಅವರ ವಿರೋಧ ಪಕ್ಷವಾದ ಭಾರತ ಬಣವನ್ನು ಟೀಕಿಸಿದ್ದಾರೆ. ತೆಗೆದುಕೊಂಡ ನಂತರ, ಕರ್ನಾಟಕ ಉಪಮುಖ್ಯಮಂತ್ರಿ ಡಿಕೆ ಶಿವಕುಮಾರ್ ಅವರು ಸಾಕ್ಷ್ಯ ಪುರಾವೆಗಳನ್ನು ಸಂಗ್ರಹಿಸಿ ನಂತರ ಪಕ್ಷ ಬಹಿರಂಗಪಡಿಸಲಿದೆ ಎಂದು ಹೇಳಿದ್ದಾರೆ. ಡಿಕೆ ಶಿವಕುಮಾರ್ ಅವರು ನಮ್ಮ ಬಳಿ ಮಾಹಿತಿ ಇದೆ. ಖಂಡಿತ ಉತ್ತರ ನೀಡುತ್ತೇವೆ. ಸಾಕ್ಷ್ಯ, ಸಾಕ್ಷ್ಯಾಧಾರಗಳನ್ನು ಸಂಗ್ರಹಿಸಿದ ನಂತರ ನಾವು
ಸಾಕ್ಷ್ಯಾಧಾರಗಳನ್ನು ಸಂಗ್ರಹಿಸಿ ನಿಮ್ಮ ಬಳಿಗೆ ಬರುತ್ತೇವೆ ಎಂದಿದ್ದಾರೆ. ಗುರುವಾರ್ಯಾನ್ನು, ನರೇಂದ್ರ ಮೋದಿ ಮೈತ್ರಿ ಭಾರತ ಬ್ಲಾಕ್ ಅನ್ನು ಗುರಿಯಾಗಿಟ್ಟುಕೊಂಡು, ಚುನಾವಣಾ ಫಲಿತಾಂಶಗಳನ್ನು ಘೋಷಿಸಿದಾಗ, ಇವಿಎಂ ಇಗ್ಗಿಂಗ್ ಆರೋಪಗಳನ್ನು ಉಲ್ಲೇಖಿಸಿ ಇವಿಎಂಗಳು 'ಸತ್ತಿವೆಯೇ ಅಥವಾ ಜೀವಂತವಾಗಿವೆ' ಎಂದು ಕೇಳಿದರು. ಅವರು ಇವಿಎಂಗಳನ್ನು ದೂಷಿಸಲು ಪ್ರಾರಂಭಿಸುತ್ತಾರೆ ಮತ್ತು ಈ ಮೂಲಕ ಪ್ರತಿಪಕ್ಷ ನಾಯಕರು ಪ್ರಜಾಪ್ರಭುತ್ವ ಮತ್ತು ಚುನಾವಣಾ ಆಯೋಗವನ್ನು ದುರ್ಬಲಗೊಳಿಸುತ್ತಿದ್ದಾರೆ ಎಂದು ಹೇಳಿದ್ದಾರೆ.
